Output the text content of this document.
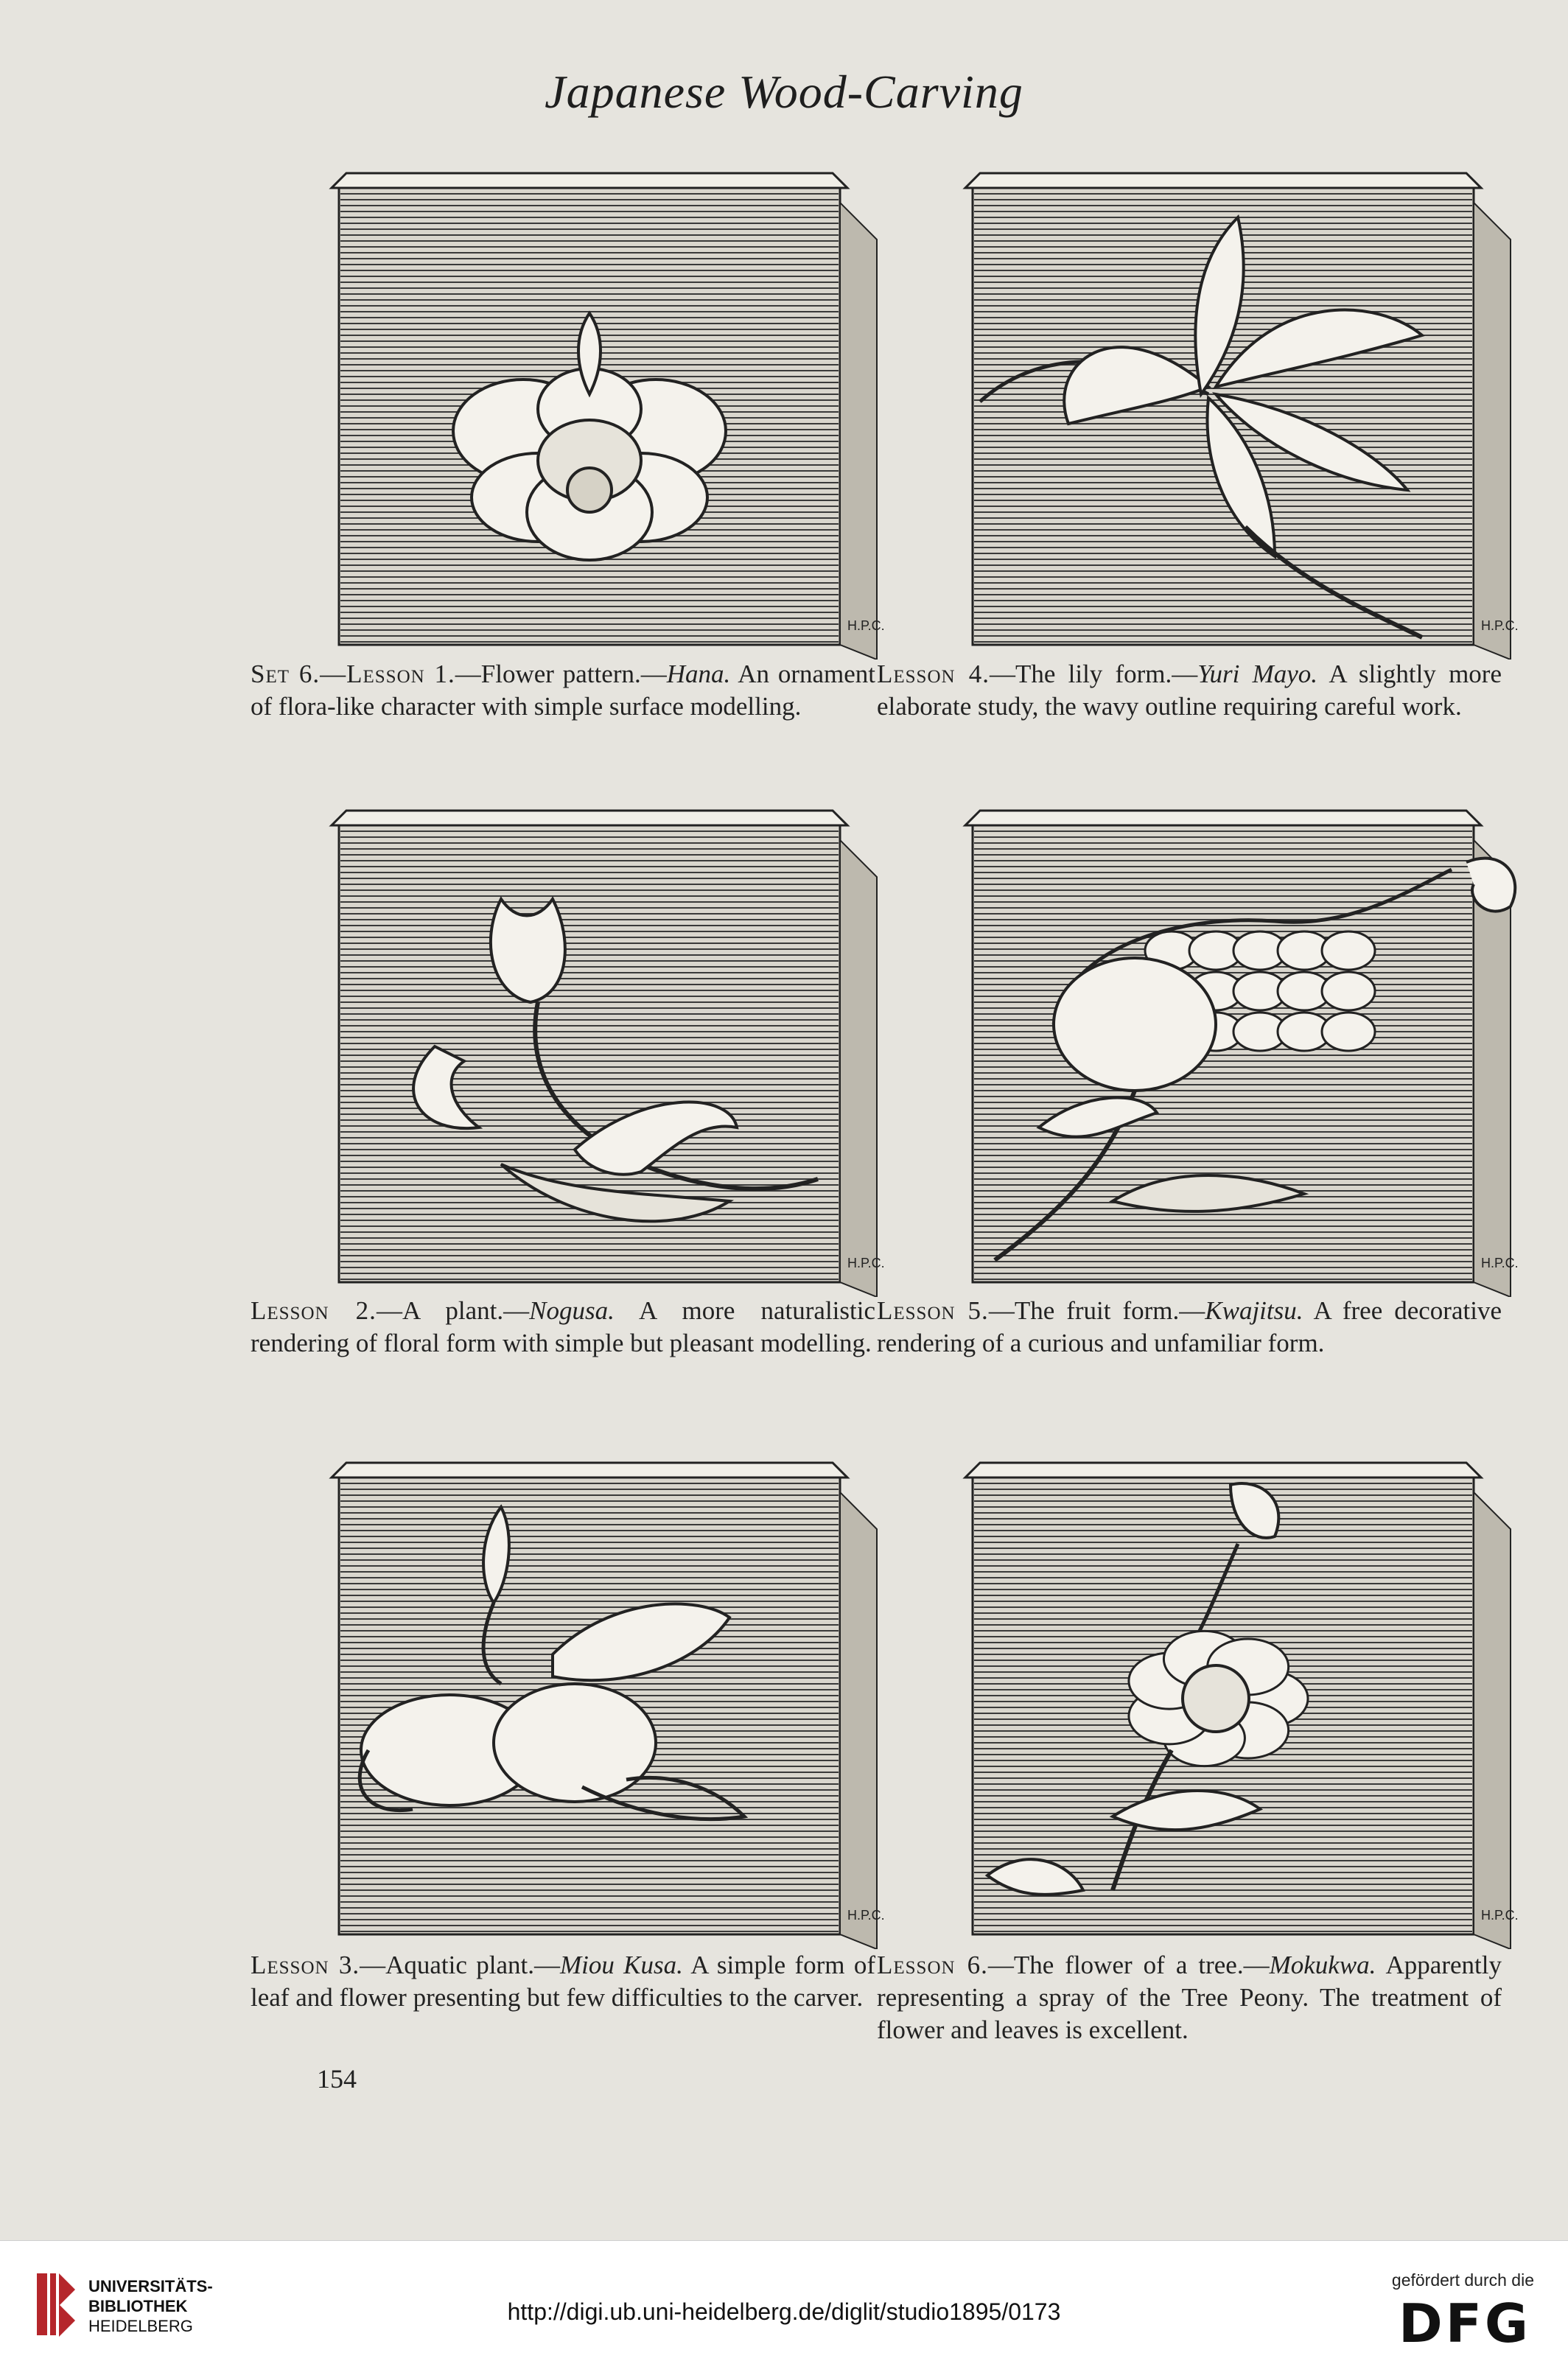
Japanese Wood-Carving
H.P.C.	H.P.C.
H.P.C.	H.P.C.
H.P.C.	H.P.C.
Set 6.—Lesson 1.—Flower pattern.—Hana. An ornament of flora-like character with simple surface modelling.
Lesson 4.—The lily form.—Yuri Mayo. A slightly more elaborate study, the wavy outline requiring careful work.
Lesson 2.—A plant.—Nogusa. A more naturalistic rendering of floral form with simple but pleasant modelling.
Lesson 5.—The fruit form.—Kwajitsu. A free decorative rendering of a curious and unfamiliar form.
Lesson 3.—Aquatic plant.—Miou Kusa. A simple form of leaf and flower presenting but few difficulties to the carver.
Lesson 6.—The flower of a tree.—Mokukwa. Apparently representing a spray of the Tree Peony. The treatment of flower and leaves is excellent.
154
UNIVERSITÄTS-
BIBLIOTHEK
HEIDELBERG
http://digi.ub.uni-heidelberg.de/diglit/studio1895/0173
gefördert durch die
DFG
